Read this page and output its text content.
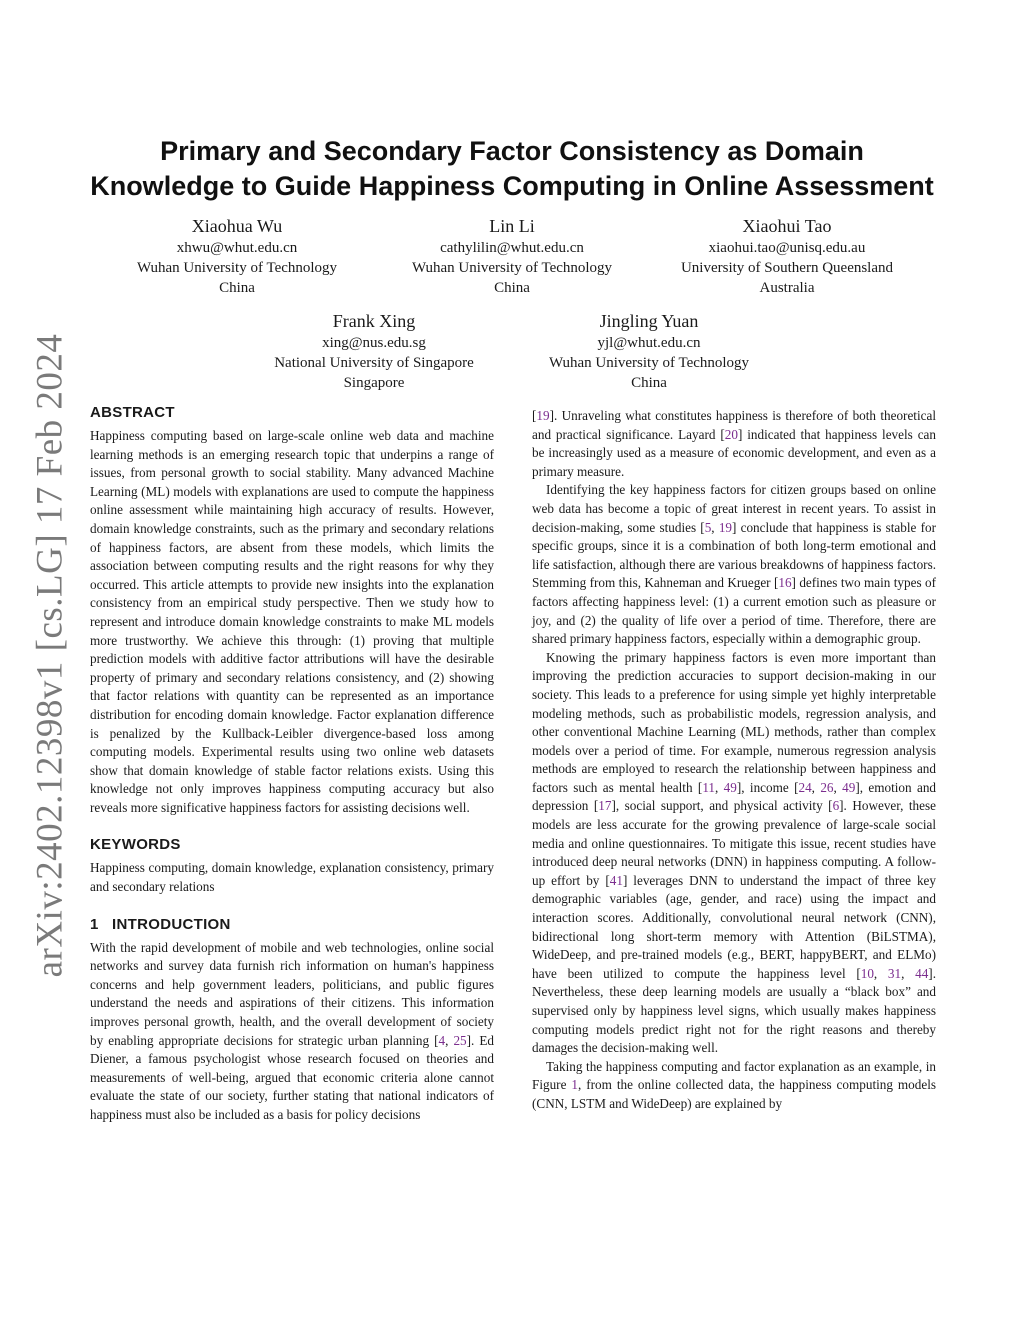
arXiv:2402.12398v1 [cs.LG] 17 Feb 2024
Primary and Secondary Factor Consistency as Domain
Knowledge to Guide Happiness Computing in Online Assessment
Xiaohua Wu
xhwu@whut.edu.cn
Wuhan University of Technology
China
Lin Li
cathylilin@whut.edu.cn
Wuhan University of Technology
China
Xiaohui Tao
xiaohui.tao@unisq.edu.au
University of Southern Queensland
Australia
Frank Xing
xing@nus.edu.sg
National University of Singapore
Singapore
Jingling Yuan
yjl@whut.edu.cn
Wuhan University of Technology
China
ABSTRACT

Happiness computing based on large-scale online web data and machine learning methods is an emerging research topic that underpins a range of issues, from personal growth to social stability. Many advanced Machine Learning (ML) models with explanations are used to compute the happiness online assessment while maintaining high accuracy of results. However, domain knowledge constraints, such as the primary and secondary relations of happiness factors, are absent from these models, which limits the association between computing results and the right reasons for why they occurred. This article attempts to provide new insights into the explanation consistency from an empirical study perspective. Then we study how to represent and introduce domain knowledge constraints to make ML models more trustworthy. We achieve this through: (1) proving that multiple prediction models with additive factor attributions will have the desirable property of primary and secondary relations consistency, and (2) showing that factor relations with quantity can be represented as an importance distribution for encoding domain knowledge. Factor explanation difference is penalized by the Kullback-Leibler divergence-based loss among computing models. Experimental results using two online web datasets show that domain knowledge of stable factor relations exists. Using this knowledge not only improves happiness computing accuracy but also reveals more significative happiness factors for assisting decisions well.

KEYWORDS

Happiness computing, domain knowledge, explanation consistency, primary and secondary relations

1   INTRODUCTION

With the rapid development of mobile and web technologies, online social networks and survey data furnish rich information on human's happiness concerns and help government leaders, politicians, and public figures understand the needs and aspirations of their citizens. This information improves personal growth, health, and the overall development of society by enabling appropriate decisions for strategic urban planning [4, 25]. Ed Diener, a famous psychologist whose research focused on theories and measurements of well-being, argued that economic criteria alone cannot evaluate the state of our society, further stating that national indicators of happiness must also be included as a basis for policy decisions

[19]. Unraveling what constitutes happiness is therefore of both theoretical and practical significance. Layard [20] indicated that happiness levels can be increasingly used as a measure of economic development, and even as a primary measure.

Identifying the key happiness factors for citizen groups based on online web data has become a topic of great interest in recent years. To assist in decision-making, some studies [5, 19] conclude that happiness is stable for specific groups, since it is a combination of both long-term emotional and life satisfaction, although there are various breakdowns of happiness factors. Stemming from this, Kahneman and Krueger [16] defines two main types of factors affecting happiness level: (1) a current emotion such as pleasure or joy, and (2) the quality of life over a period of time. Therefore, there are shared primary happiness factors, especially within a demographic group.

Knowing the primary happiness factors is even more important than improving the prediction accuracies to support decision-making in our society. This leads to a preference for using simple yet highly interpretable modeling methods, such as probabilistic models, regression analysis, and other conventional Machine Learning (ML) methods, rather than complex models over a period of time. For example, numerous regression analysis methods are employed to research the relationship between happiness and factors such as mental health [11, 49], income [24, 26, 49], emotion and depression [17], social support, and physical activity [6]. However, these models are less accurate for the growing prevalence of large-scale social media and online questionnaires. To mitigate this issue, recent studies have introduced deep neural networks (DNN) in happiness computing. A follow-up effort by [41] leverages DNN to understand the impact of three key demographic variables (age, gender, and race) using the impact and interaction scores. Additionally, convolutional neural network (CNN), bidirectional long short-term memory with Attention (BiLSTMA), WideDeep, and pre-trained models (e.g., BERT, happyBERT, and ELMo) have been utilized to compute the happiness level [10, 31, 44]. Nevertheless, these deep learning models are usually a “black box” and supervised only by happiness level signs, which usually makes happiness computing models predict right not for the right reasons and thereby damages the decision-making well.

Taking the happiness computing and factor explanation as an example, in Figure 1, from the online collected data, the happiness computing models (CNN, LSTM and WideDeep) are explained by
